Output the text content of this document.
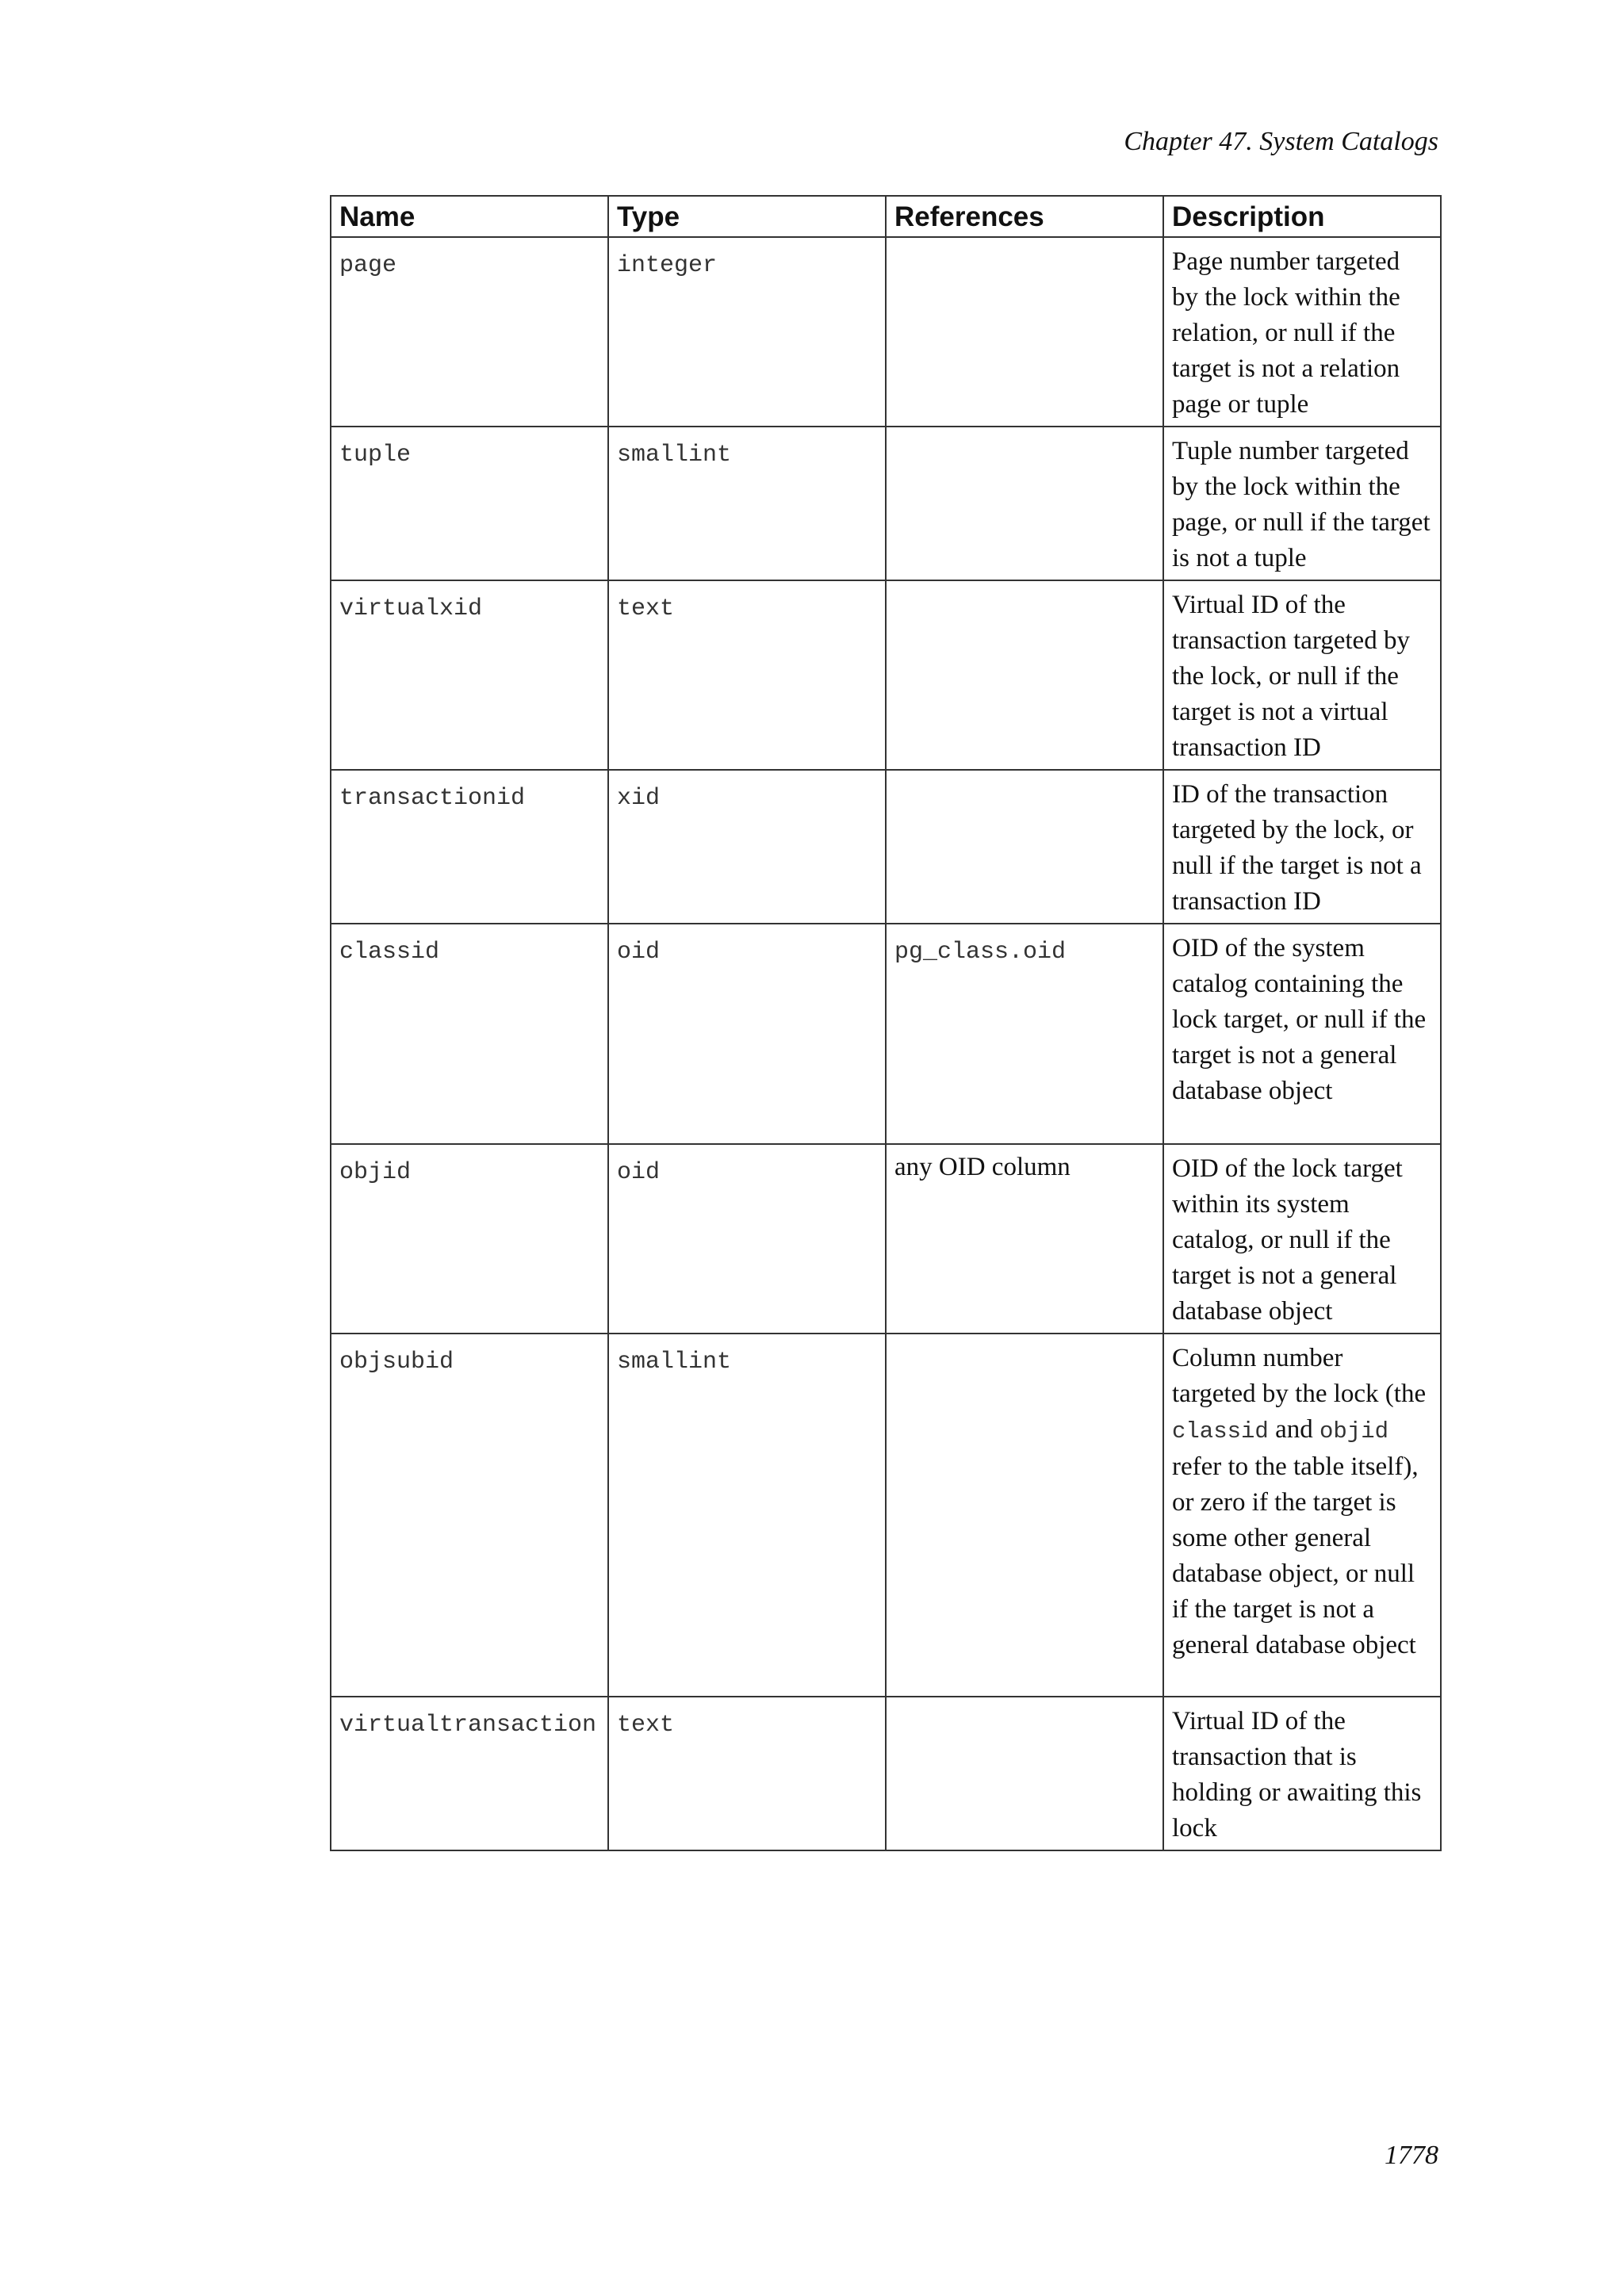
Chapter 47. System Catalogs
Name	Type	References	Description
page	integer		Page number targeted by the lock within the relation, or null if the target is not a relation page or tuple
tuple	smallint		Tuple number targeted by the lock within the page, or null if the target is not a tuple
virtualxid	text		Virtual ID of the transaction targeted by the lock, or null if the target is not a virtual transaction ID
transactionid	xid		ID of the transaction targeted by the lock, or null if the target is not a transaction ID
classid	oid	pg_class.oid	OID of the system catalog containing the lock target, or null if the target is not a general database object
objid	oid	any OID column	OID of the lock target within its system catalog, or null if the target is not a general database object
objsubid	smallint		Column number targeted by the lock (the classid and objid refer to the table itself), or zero if the target is some other general database object, or null if the target is not a general database object
virtualtransaction	text		Virtual ID of the transaction that is holding or awaiting this lock
1778
